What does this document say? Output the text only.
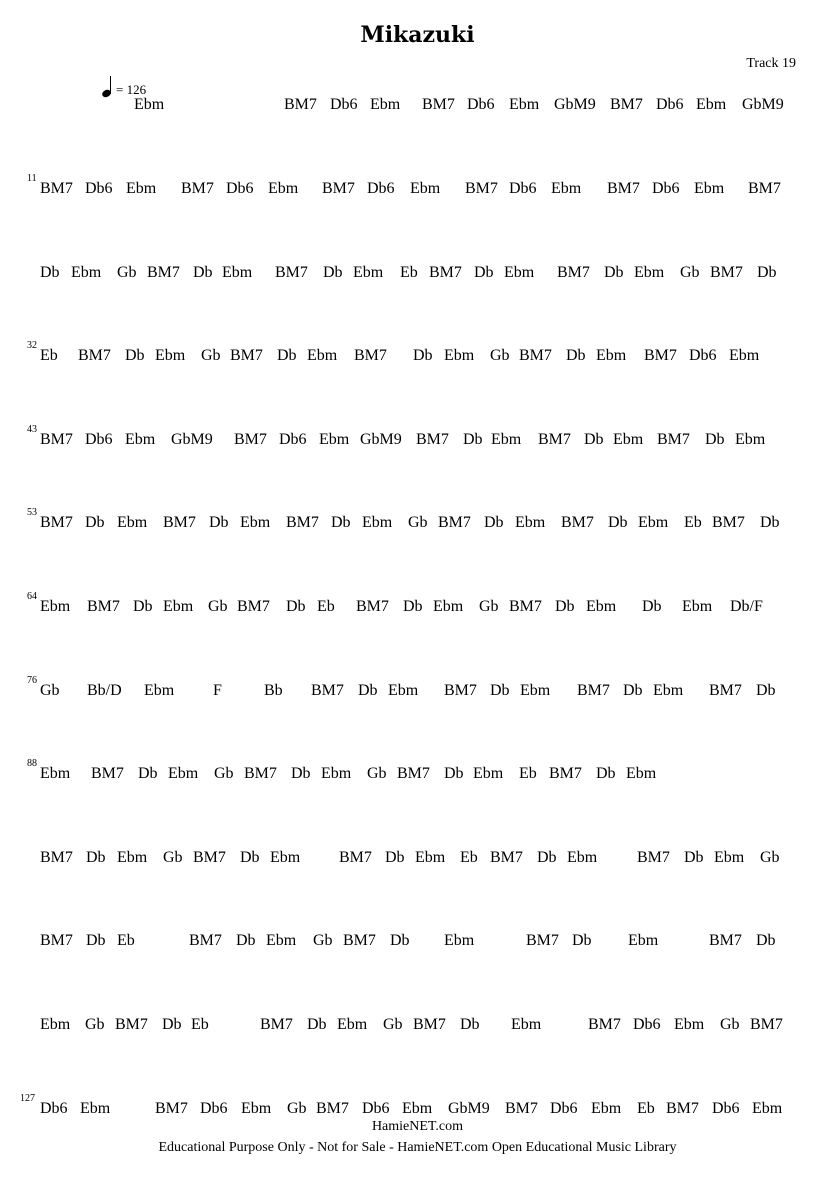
Mikazuki
Track 19
= 126
Ebm	BM7 Db6 Ebm BM7 Db6 Ebm GbM9 BM7 Db6 Ebm GbM9
11
BM7 Db6 Ebm BM7 Db6 Ebm BM7 Db6 Ebm BM7 Db6 Ebm BM7 Db6 Ebm BM7
Db Ebm Gb BM7 Db Ebm BM7 Db Ebm Eb BM7 Db Ebm BM7 Db Ebm Gb BM7 Db
32
Eb BM7 Db Ebm Gb BM7 Db Ebm BM7 Db Ebm Gb BM7 Db Ebm BM7 Db6 Ebm
43
BM7 Db6 Ebm GbM9 BM7 Db6 Ebm GbM9 BM7 Db Ebm BM7 Db Ebm BM7 Db Ebm
53
BM7 Db Ebm BM7 Db Ebm BM7 Db Ebm Gb BM7 Db Ebm BM7 Db Ebm Eb BM7 Db
64
Ebm BM7 Db Ebm Gb BM7 Db Eb BM7 Db Ebm Gb BM7 Db Ebm Db Ebm Db/F
76
Gb Bb/D Ebm F	Bb BM7 Db Ebm BM7 Db Ebm BM7 Db Ebm BM7 Db
88
Ebm BM7 Db Ebm Gb BM7 Db Ebm Gb BM7 Db Ebm Eb BM7 Db Ebm
BM7 Db Ebm Gb BM7 Db Ebm BM7 Db Ebm Eb BM7 Db Ebm BM7 Db Ebm Gb
BM7 Db Eb	BM7 Db Ebm Gb BM7 Db Ebm	BM7 Db Ebm	BM7 Db
Ebm Gb BM7 Db Eb	BM7 Db Ebm Gb BM7 Db Ebm	BM7 Db6 Ebm Gb BM7
127
Db6 Ebm	BM7 Db6 Ebm Gb BM7 Db6 Ebm GbM9 BM7 Db6 Ebm Eb BM7 Db6 Ebm
HamieNET.com
Educational Purpose Only - Not for Sale - HamieNET.com Open Educational Music Library
